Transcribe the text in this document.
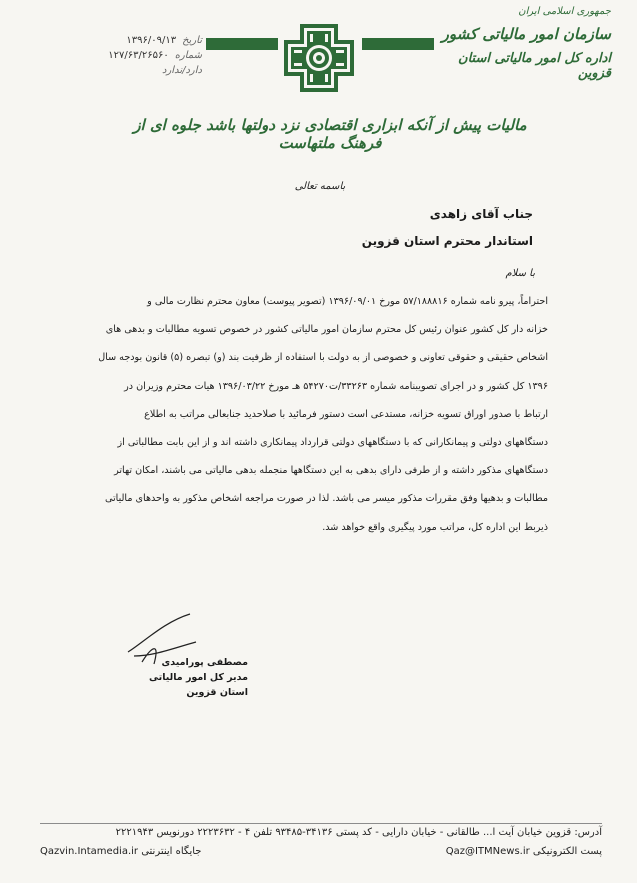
جمهوری اسلامی ایران
سازمان امور مالیاتی کشور
اداره کل امور مالیاتی استان قزوین
۱۳۹۶/۰۹/۱۳ تاریخ
۱۲۷/۶۳/۲۶۵۶۰ شماره
دارد/ندارد
مالیات پیش از آنکه ابزاری اقتصادی نزد دولتها باشد جلوه ای از فرهنگ ملتهاست
باسمه تعالی
جناب آقای زاهدی
استاندار محترم استان قزوین
با سلام

احتراماً، پیرو نامه شماره ۵۷/۱۸۸۸۱۶ مورخ ۱۳۹۶/۰۹/۰۱ (تصویر پیوست) معاون محترم نظارت مالی و

خزانه دار کل کشور عنوان رئیس کل محترم سازمان امور مالیاتی کشور در خصوص تسویه مطالبات و بدهی های

اشخاص حقیقی و حقوقی تعاونی و خصوصی از به دولت با استفاده از ظرفیت بند (و) تبصره (۵) قانون بودجه سال

۱۳۹۶ کل کشور و در اجرای تصویبنامه شماره ۳۳۲۶۳/ت۵۴۲۷۰ هـ مورخ ۱۳۹۶/۰۳/۲۲ هیات محترم وزیران در

ارتباط با صدور اوراق تسویه خزانه، مستدعی است دستور فرمائید با صلاحدید جنابعالی مراتب به اطلاع

دستگاههای دولتی و پیمانکارانی که با دستگاههای دولتی قرارداد پیمانکاری داشته اند و از این بابت مطالباتی از

دستگاههای مذکور داشته و از طرفی دارای بدهی به این دستگاهها منجمله بدهی مالیاتی می باشند، امکان تهاتر

مطالبات و بدهیها وفق مقررات مذکور میسر می باشد. لذا در صورت مراجعه اشخاص مذکور به واحدهای مالیاتی

ذیربط این اداره کل، مراتب مورد پیگیری واقع خواهد شد.

مصطفی پورامیدی
مدیر کل امور مالیاتی استان قزوین
آدرس: قزوین خیابان آیت ا... طالقانی - خیابان دارایی - کد پستی ۳۴۱۳۶-۹۳۴۸۵ تلفن ۴ - ۲۲۲۳۶۳۲ دورنویس ۲۲۲۱۹۴۳
پست الکترونیکی Qaz@ITMNews.ir
جایگاه اینترنتی Qazvin.Intamedia.ir
